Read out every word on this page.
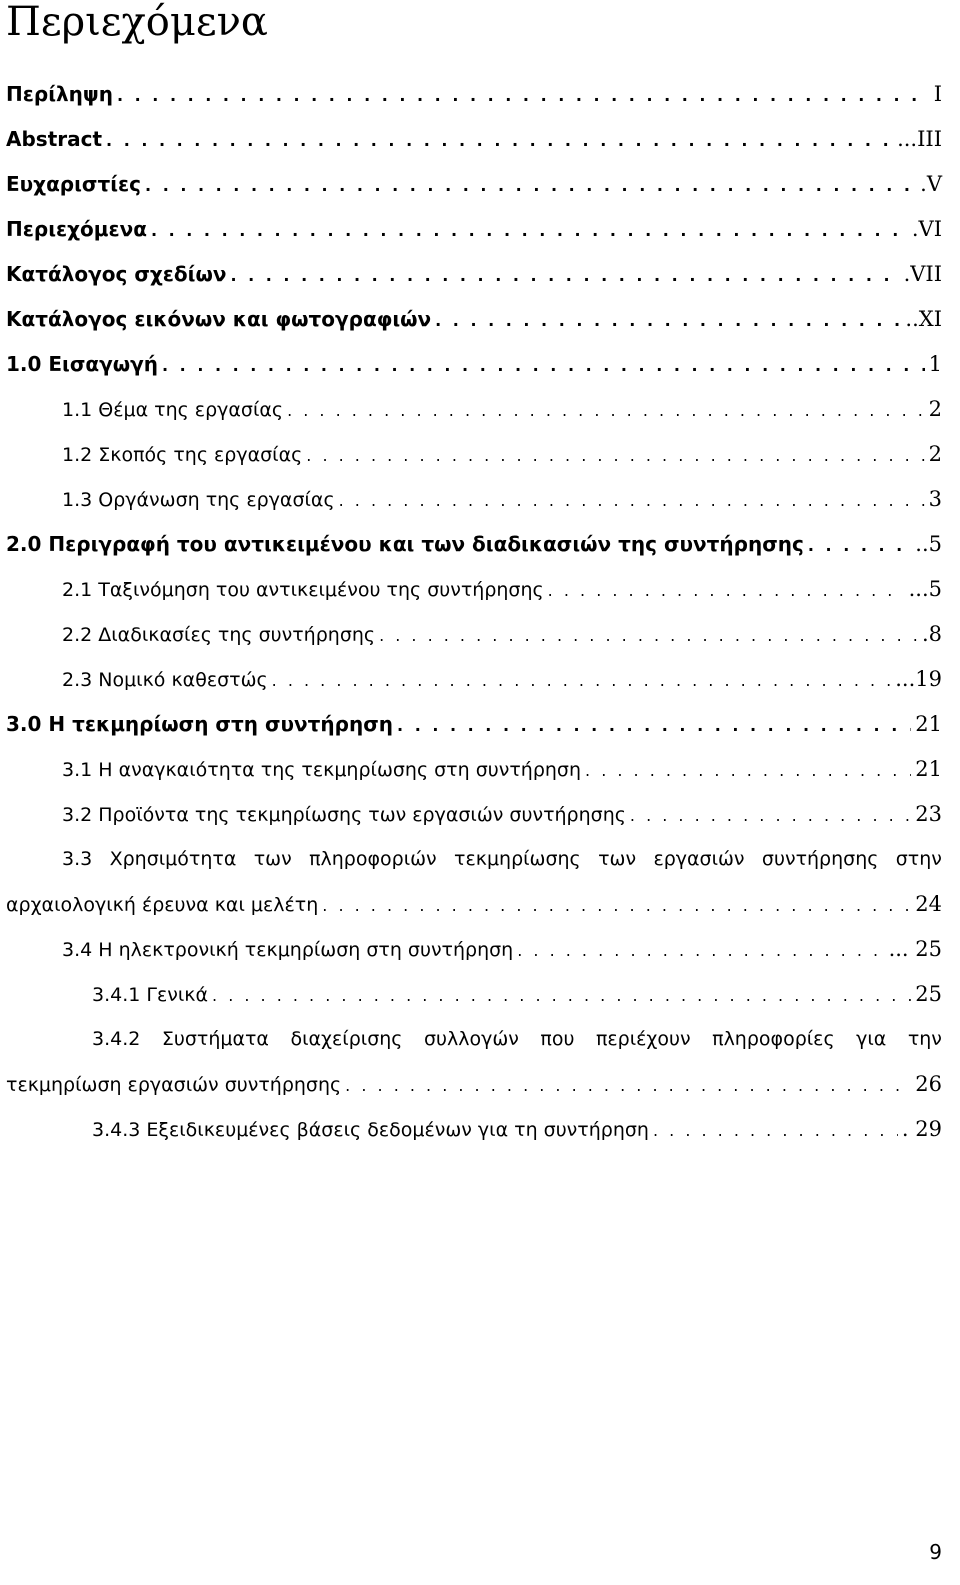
Περιεχόμενα
Περίληψη . . .	I
Abstract . . .	...III
Ευχαριστίες . . .	.V
Περιεχόμενα . . .	.VI
Κατάλογος σχεδίων . . .	.VII
Κατάλογος εικόνων και φωτογραφιών . . .	..XI
1.0 Εισαγωγή . . .	1
1.1 Θέμα της εργασίας . . .	2
1.2 Σκοπός της εργασίας . . .	2
1.3 Οργάνωση της εργασίας . . .	3
2.0 Περιγραφή του αντικειμένου και των διαδικασιών της συντήρησης . . .	..5
2.1 Ταξινόμηση του αντικειμένου της συντήρησης . . .	...5
2.2 Διαδικασίες της συντήρησης . . .	.8
2.3 Νομικό καθεστώς . . .	...19
3.0 Η τεκμηρίωση στη συντήρηση . . .	21
3.1 Η αναγκαιότητα της τεκμηρίωσης στη συντήρηση . . .	21
3.2 Προϊόντα της τεκμηρίωσης των εργασιών συντήρησης . . .	23
3.3 Χρησιμότητα των πληροφοριών τεκμηρίωσης των εργασιών συντήρησης στην
αρχαιολογική έρευνα και μελέτη . . .	24
3.4 Η ηλεκτρονική τεκμηρίωση στη συντήρηση . . .	... 25
3.4.1 Γενικά . . .	25
3.4.2 Συστήματα διαχείρισης συλλογών που περιέχουν πληροφορίες για την
τεκμηρίωση εργασιών συντήρησης . . .	26
3.4.3 Εξειδικευμένες βάσεις δεδομένων για τη συντήρηση . . .	. 29
9
